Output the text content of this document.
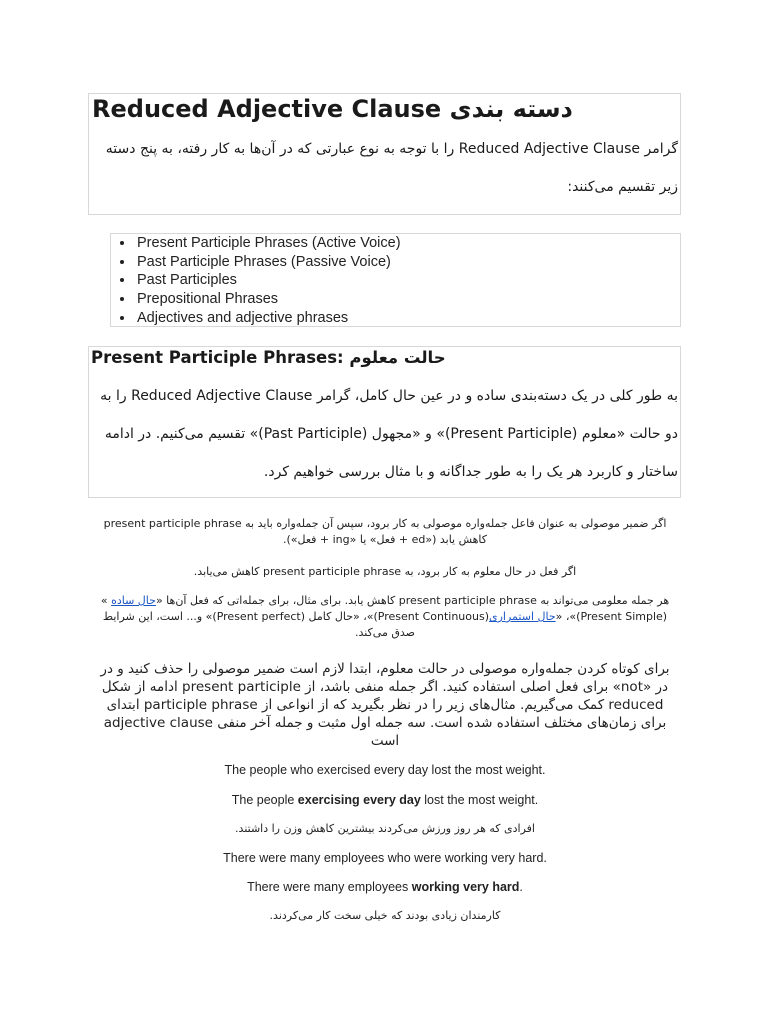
Reduced Adjective Clause دسته بندی
گرامر Reduced Adjective Clause را با توجه به نوع عبارتی که در آن‌ها به کار رفته، به پنج دسته
زیر تقسیم می‌کنند:
• Present Participle Phrases (Active Voice)
• Past Participle Phrases (Passive Voice)
• Past Participles
• Prepositional Phrases
• Adjectives and adjective phrases
Present Participle Phrases: حالت معلوم
به طور کلی در یک دسته‌بندی ساده و در عین حال کامل، گرامر Reduced Adjective Clause را به
دو حالت «معلوم (Present Participle)» و «مجهول (Past Participle)» تقسیم می‌کنیم. در ادامه
ساختار و کاربرد هر یک را به طور جداگانه و با مثال بررسی خواهیم کرد.
اگر ضمیر موصولی به عنوان فاعل جمله‌واره موصولی به کار برود، سپس آن جمله‌واره باید به present participle phrase
کاهش یابد («ed + فعل» یا «ing + فعل»).
اگر فعل در حال معلوم به کار برود، به present participle phrase کاهش می‌یابد.
هر جمله معلومی می‌تواند به present participle phrase کاهش یابد. برای مثال، برای جمله‌اتی که فعل آن‌ها «حال ساده »
(Present Simple)»، «حال استمراری(Present Continuous)»، «حال کامل (Present perfect)» و... است، این شرایط
صدق می‌کند.
برای کوتاه کردن جمله‌واره موصولی در حالت معلوم، ابتدا لازم است ضمیر موصولی را حذف کنید و در
در «not» برای فعل اصلی استفاده کنید. اگر جمله منفی باشد، از present participle ادامه از شکل
reduced کمک می‌گیریم. مثال‌های زیر را در نظر بگیرید که از انواعی از participle phrase ابتدای
برای زمان‌های مختلف استفاده شده است. سه جمله اول مثبت و جمله آخر منفی adjective clause
است
The people who exercised every day lost the most weight.
The people exercising every day lost the most weight.
افرادی که هر روز ورزش می‌کردند بیشترین کاهش وزن را داشتند.
There were many employees who were working very hard.
There were many employees working very hard.
کارمندان زیادی بودند که خیلی سخت کار می‌کردند.
